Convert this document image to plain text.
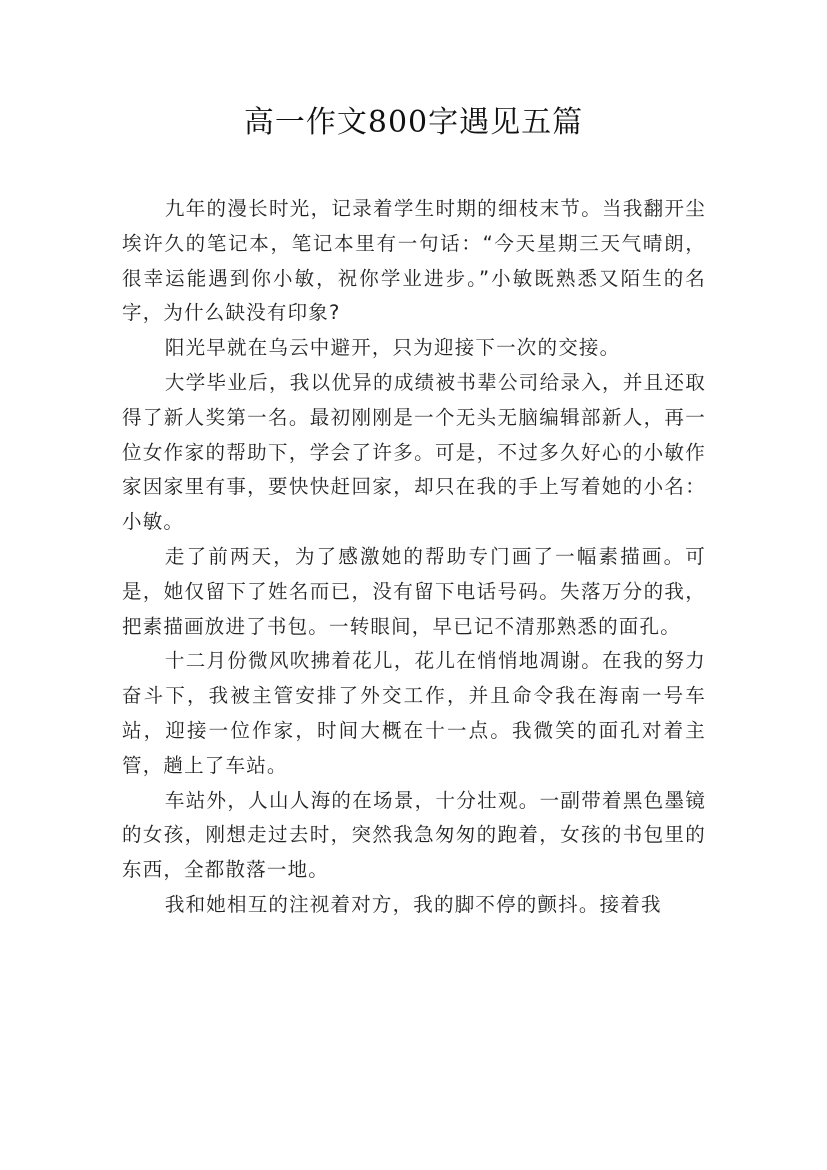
高一作文800字遇见五篇

九年的漫长时光，记录着学生时期的细枝末节。当我翻开尘埃许久的笔记本，笔记本里有一句话：“今天星期三天气晴朗，很幸运能遇到你小敏，祝你学业进步。”小敏既熟悉又陌生的名字，为什么缺没有印象?

阳光早就在乌云中避开，只为迎接下一次的交接。

大学毕业后，我以优异的成绩被书辈公司给录入，并且还取得了新人奖第一名。最初刚刚是一个无头无脑编辑部新人，再一位女作家的帮助下，学会了许多。可是，不过多久好心的小敏作家因家里有事，要快快赶回家，却只在我的手上写着她的小名：小敏。

走了前两天，为了感激她的帮助专门画了一幅素描画。可是，她仅留下了姓名而已，没有留下电话号码。失落万分的我，把素描画放进了书包。一转眼间，早已记不清那熟悉的面孔。

十二月份微风吹拂着花儿，花儿在悄悄地凋谢。在我的努力奋斗下，我被主管安排了外交工作，并且命令我在海南一号车站，迎接一位作家，时间大概在十一点。我微笑的面孔对着主管，趟上了车站。

车站外，人山人海的在场景，十分壮观。一副带着黑色墨镜的女孩，刚想走过去时，突然我急匆匆的跑着，女孩的书包里的东西，全都散落一地。

我和她相互的注视着对方，我的脚不停的颤抖。接着我
